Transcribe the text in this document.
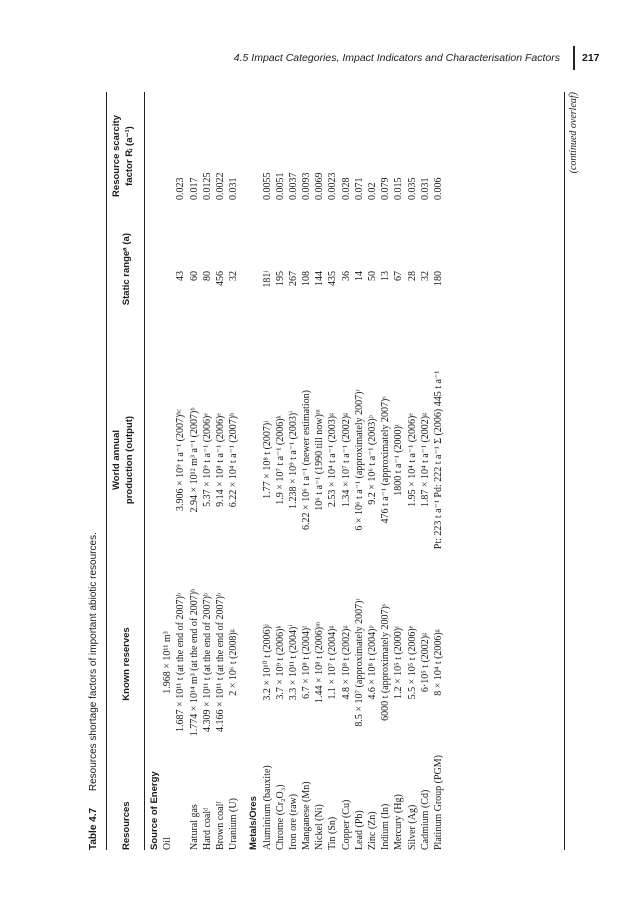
4.5 Impact Categories, Impact Indicators and Characterisation Factors 217
Table 4.7 Resources shortage factors of important abiotic resources.
Resources
Known reserves
World annual production (output)
Static rangeᵃ (a)
Resource scarcity factor Rᵢ (a⁻¹)
Source of Energy Oil
1.968 × 10¹¹ m³ 1.687 × 10¹¹ t (at the end of 2007)ᵇ
3.906 × 10⁹ t a⁻¹ (2007)ᵇᶜ
43
0.023
Natural gas
1.774 × 10¹⁴ m³ (at the end of 2007)ᵇ
2.94 × 10¹² m³ a⁻¹ (2007)ᵇ
60
0.017
Hard coalᵈ
4.309 × 10¹¹ t (at the end of 2007)ᵇ
5.37 × 10⁹ t a⁻¹ (2006)ᵉ
80
0.0125
Brown coalᶠ
4.166 × 10¹¹ t (at the end of 2007)ᵇ
9.14 × 10⁸ t a⁻¹ (2006)ᵉ
456
0.0022
Uranium (U)
2 × 10⁶ t (2008)ᵍ
6.22 × 10⁴ t a⁻¹ (2007)ʰ
32
0.031
Metals/Ores Aluminium (bauxite)
3.2 × 10¹⁰ t (2006)ʲ
1.77 × 10⁸ t (2007)ʲ
181ʲ
0.0055
Chrome (Cr₂O₃)
3.7 × 10⁹ t (2006)ᵏ
1.9 × 10⁷ t a⁻¹ (2006)ᵏ
195
0.0051
Iron ore (raw)
3.3 × 10¹¹ t (2004)ⁱ
1.238 × 10⁹ t a⁻¹ (2003)ⁱ
267
0.0037
Manganese (Mn)
6.7 × 10⁸ t (2004)ˡ
6.22 × 10⁶ t a⁻¹ (newer estimation)
108
0.0093
Nickel (Ni)
1.44 × 10⁸ t (2006)ᵐ
10⁶ t a⁻¹ (1990 till now)ᵐ
144
0.0069
Tin (Sn)
1.1 × 10⁷ t (2004)ᵍ
2.53 × 10⁴ t a⁻¹ (2003)ᵍ
435
0.0023
Copper (Cu)
4.8 × 10⁸ t (2002)ᵍ
1.34 × 10⁷ t a⁻¹ (2002)ᵍ
36
0.028
Lead (Pb)
8.5 × 10⁷ (approximately 2007)ʳ
6 × 10⁶ t a⁻¹ (approximately 2007)ʳ
14
0.071
Zinc (Zn)
4.6 × 10⁸ t (2004)ᵖ
9.2 × 10⁶ t a⁻¹ (2003)ᵖ
50
0.02
Indium (In)
6000 t (approximately 2007)ˢ
476 t a⁻¹ (approximately 2007)ˢ
13
0.079
Mercury (Hg)
1.2 × 10⁵ t (2000)ᵗ
1800 t a⁻¹ (2000)ᵗ
67
0.015
Silver (Ag)
5.5 × 10⁵ t (2006)ᵉ
1.95 × 10⁴ t a⁻¹ (2006)ᵉ
28
0.035
Cadmium (Cd)
6·10⁵ t (2002)ᵍ
1.87 × 10⁴ t a⁻¹ (2002)ᵍ
32
0.031
Platinum Group (PGM)
8 × 10⁴ t (2006)ᵍ
Pt: 223 t a⁻¹ Pd: 222 t a⁻¹ Σ (2006) 445 t a⁻¹
180
0.006
(continued overleaf)
